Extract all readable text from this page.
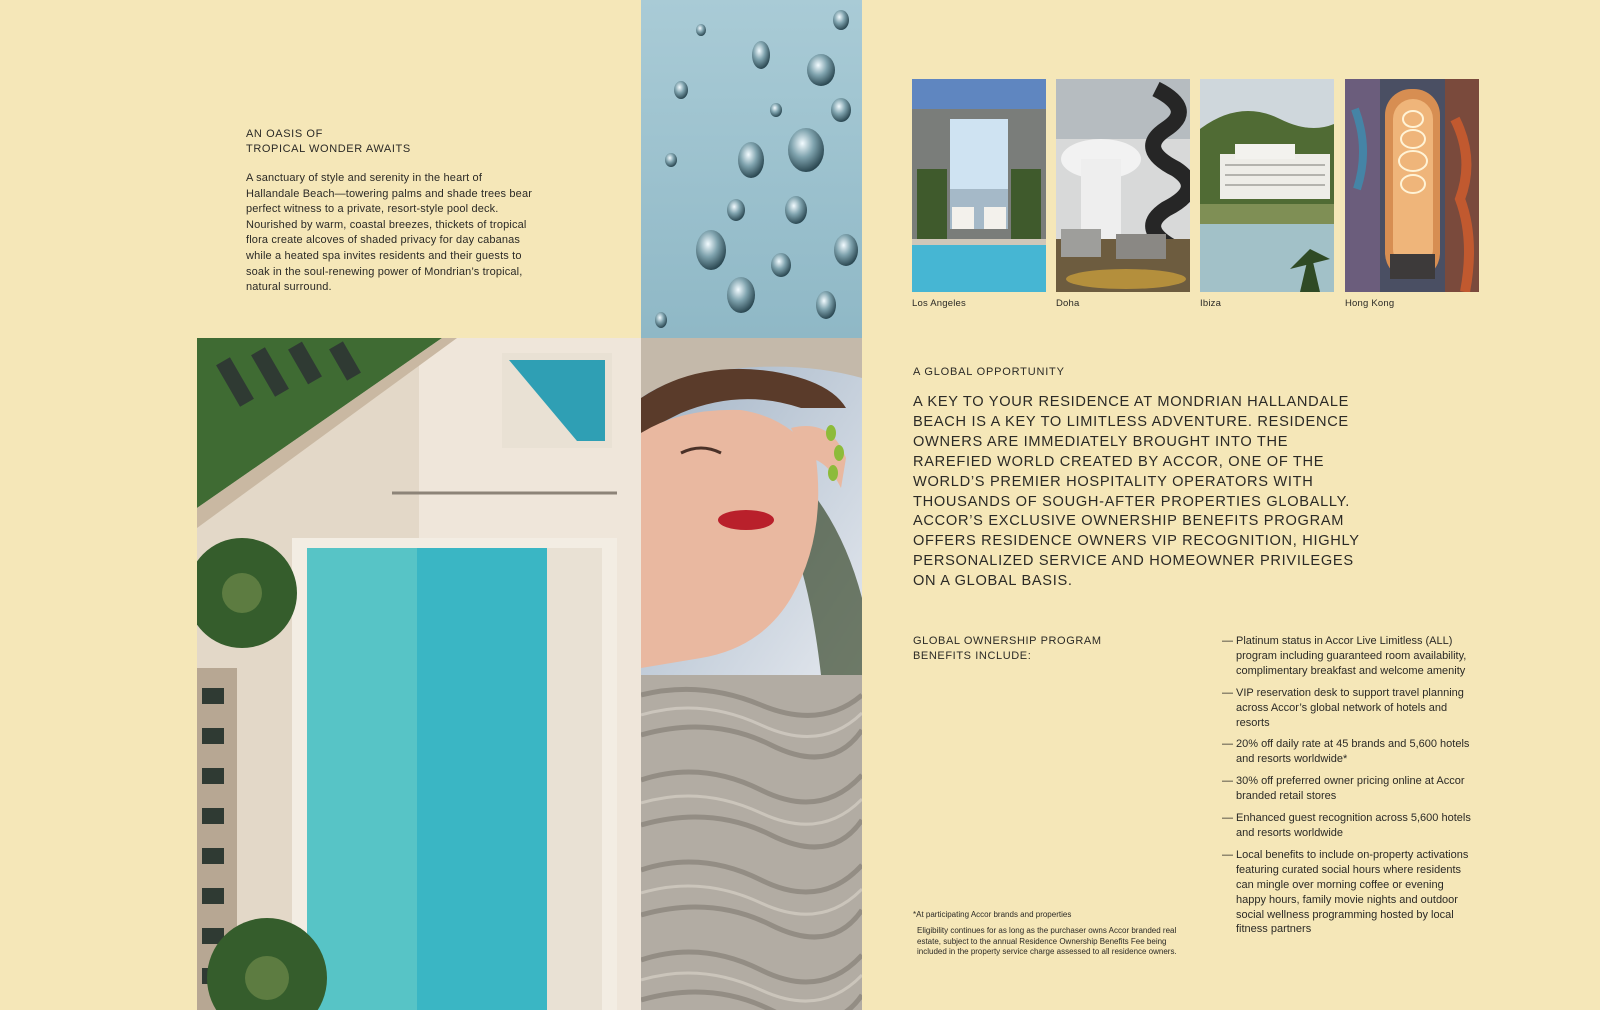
AN OASIS OF
TROPICAL WONDER AWAITS

A sanctuary of style and serenity in the heart of Hallandale Beach—towering palms and shade trees bear perfect witness to a private, resort-style pool deck. Nourished by warm, coastal breezes, thickets of tropical flora create alcoves of shaded privacy for day cabanas while a heated spa invites residents and their guests to soak in the soul-renewing power of Mondrian’s tropical, natural surround.

Los Angeles	Doha	Ibiza	Hong Kong
A GLOBAL OPPORTUNITY

A KEY TO YOUR RESIDENCE AT MONDRIAN HALLANDALE BEACH IS A KEY TO LIMITLESS ADVENTURE. RESIDENCE OWNERS ARE IMMEDIATELY BROUGHT INTO THE RAREFIED WORLD CREATED BY ACCOR, ONE OF THE WORLD’S PREMIER HOSPITALITY OPERATORS WITH THOUSANDS OF SOUGH-AFTER PROPERTIES GLOBALLY. ACCOR’S EXCLUSIVE OWNERSHIP BENEFITS PROGRAM OFFERS RESIDENCE OWNERS VIP RECOGNITION, HIGHLY PERSONALIZED SERVICE AND HOMEOWNER PRIVILEGES ON A GLOBAL BASIS.

GLOBAL OWNERSHIP PROGRAM
BENEFITS INCLUDE:
— Platinum status in Accor Live Limitless (ALL) program including guaranteed room availability, complimentary breakfast and welcome amenity
— VIP reservation desk to support travel planning across Accor’s global network of hotels and resorts
— 20% off daily rate at 45 brands and 5,600 hotels and resorts worldwide*
— 30% off preferred owner pricing online at Accor branded retail stores
— Enhanced guest recognition across 5,600 hotels and resorts worldwide
— Local benefits to include on-property activations featuring curated social hours where residents can mingle over morning coffee or evening happy hours, family movie nights and outdoor social wellness programming hosted by local fitness partners

*At participating Accor brands and properties

Eligibility continues for as long as the purchaser owns Accor branded real estate, subject to the annual Residence Ownership Benefits Fee being included in the property service charge assessed to all residence owners.
